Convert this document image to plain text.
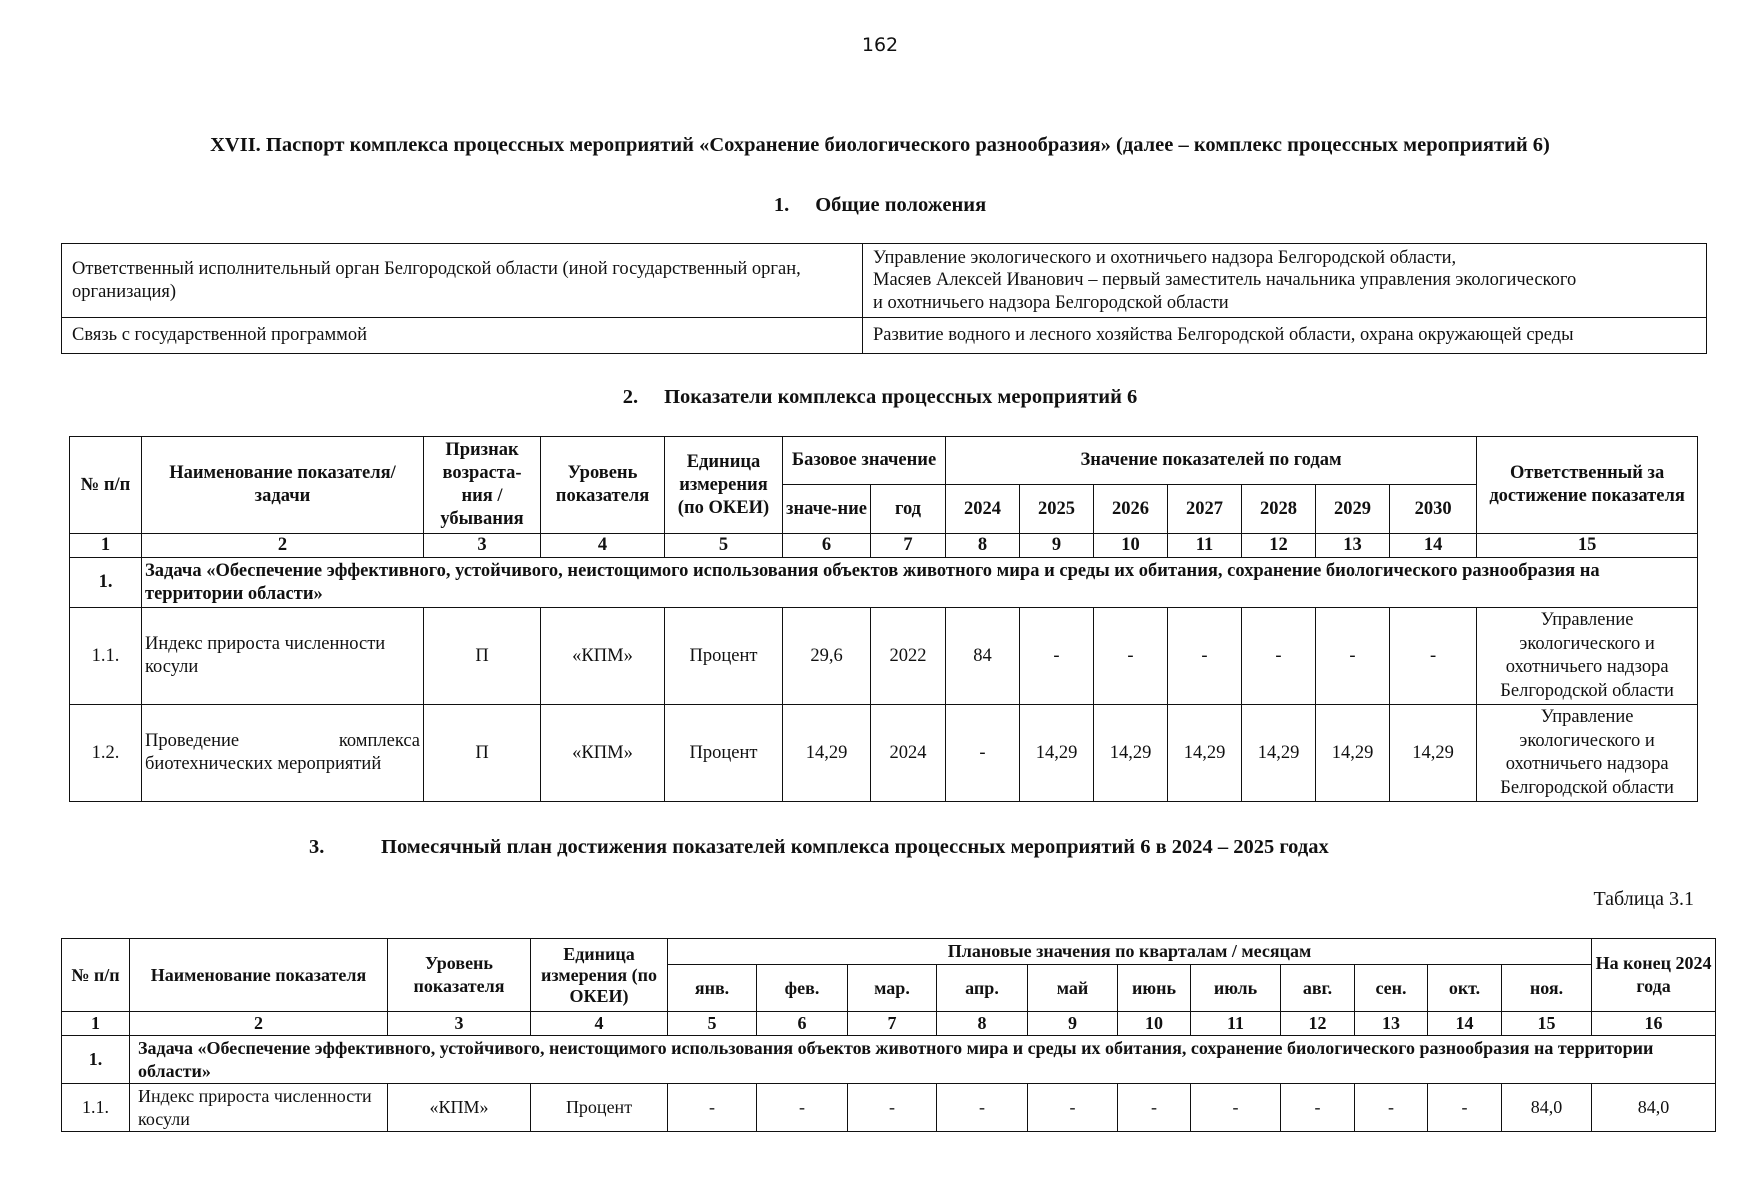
162
XVII. Паспорт комплекса процессных мероприятий «Сохранение биологического разнообразия» (далее – комплекс процессных мероприятий 6)
1. Общие положения
Ответственный исполнительный орган Белгородской области (иной государственный орган, организация)	Управление экологического и охотничьего надзора Белгородской области,
Масяев Алексей Иванович – первый заместитель начальника управления экологического
и охотничьего надзора Белгородской области

Связь с государственной программой	Развитие водного и лесного хозяйства Белгородской области, охрана окружающей среды
2. Показатели комплекса процессных мероприятий 6
№ п/п	Наименование показателя/задачи	Признак возраста-ния / убывания	Уровень показателя	Единица измерения (по ОКЕИ)	Базовое значение		Значение показателей по годам							Ответственный за достижение показателя
					значе-ние	год	2024	2025	2026	2027	2028	2029	2030	
1	2	3	4	5	6	7	8	9	10	11	12	13	14	15
1.	Задача «Обеспечение эффективного, устойчивого, неистощимого использования объектов животного мира и среды их обитания, сохранение биологического разнообразия на территории области»													
1.1.	Индекс прироста численности косули	П	«КПМ»	Процент	29,6	2022	84	-	-	-	-	-	-	Управление экологического и охотничьего надзора Белгородской области
1.2.	Проведение комплекса биотехнических мероприятий	П	«КПМ»	Процент	14,29	2024	-	14,29	14,29	14,29	14,29	14,29	14,29	Управление экологического и охотничьего надзора Белгородской области
3.	Помесячный план достижения показателей комплекса процессных мероприятий 6 в 2024 – 2025 годах
Таблица 3.1
№ п/п	Наименование показателя	Уровень показателя	Единица измерения (по ОКЕИ)	Плановые значения по кварталам / месяцам											На конец 2024 года
				янв.	фев.	мар.	апр.	май	июнь	июль	авг.	сен.	окт.	ноя.	
1	2	3	4	5	6	7	8	9	10	11	12	13	14	15	16
1.	Задача «Обеспечение эффективного, устойчивого, неистощимого использования объектов животного мира и среды их обитания, сохранение биологического разнообразия на территории области»														
1.1.	Индекс прироста численности косули	«КПМ»	Процент	-	-	-	-	-	-	-	-	-	-	84,0	84,0
